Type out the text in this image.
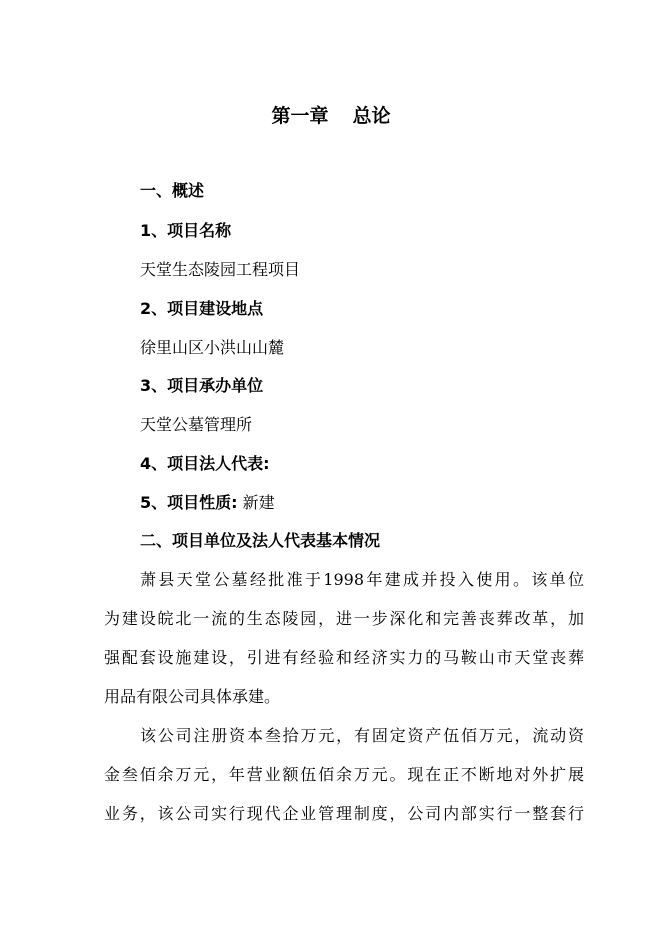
第一章 总论
一、概述
1、项目名称
天堂生态陵园工程项目
2、项目建设地点
徐里山区小洪山山麓
3、项目承办单位
天堂公墓管理所
4、项目法人代表:
5、项目性质: 新建
二、项目单位及法人代表基本情况
萧县天堂公墓经批准于1998年建成并投入使用。该单位
为建设皖北一流的生态陵园，进一步深化和完善丧葬改革，加
强配套设施建设，引进有经验和经济实力的马鞍山市天堂丧葬
用品有限公司具体承建。
该公司注册资本叁拾万元，有固定资产伍佰万元，流动资
金叁佰余万元，年营业额伍佰余万元。现在正不断地对外扩展
业务，该公司实行现代企业管理制度，公司内部实行一整套行
